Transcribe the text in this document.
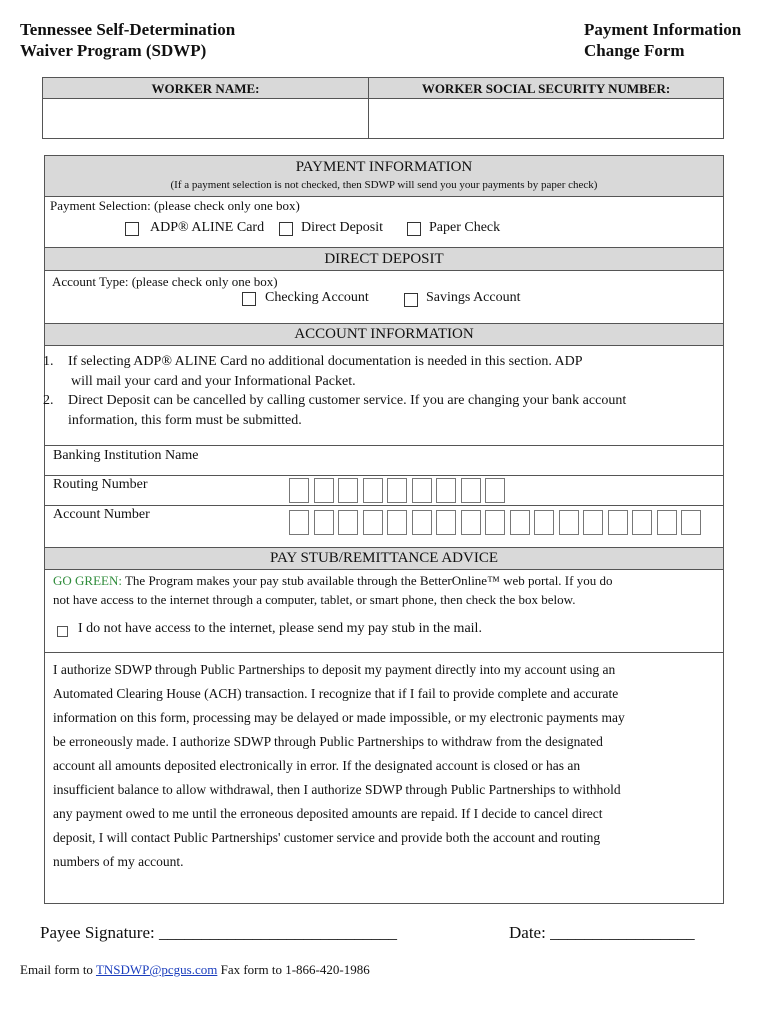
Tennessee Self-Determination
Waiver Program (SDWP)
Payment Information
Change Form
WORKER NAME:	WORKER SOCIAL SECURITY NUMBER:
PAYMENT INFORMATION
(If a payment selection is not checked, then SDWP will send you your payments by paper check)
Payment Selection: (please check only one box)
ADP® ALINE Card	Direct Deposit	Paper Check
DIRECT DEPOSIT
Account Type: (please check only one box)
Checking Account	Savings Account
ACCOUNT INFORMATION
1. If selecting ADP® ALINE Card no additional documentation is needed in this section. ADP
will mail your card and your Informational Packet.
2. Direct Deposit can be cancelled by calling customer service. If you are changing your bank account
information, this form must be submitted.
Banking Institution Name
Routing Number
Account Number
PAY STUB/REMITTANCE ADVICE
GO GREEN: The Program makes your pay stub available through the BetterOnline™ web portal. If you do
not have access to the internet through a computer, tablet, or smart phone, then check the box below.
I do not have access to the internet, please send my pay stub in the mail.
I authorize SDWP through Public Partnerships to deposit my payment directly into my account using an
Automated Clearing House (ACH) transaction. I recognize that if I fail to provide complete and accurate
information on this form, processing may be delayed or made impossible, or my electronic payments may
be erroneously made. I authorize SDWP through Public Partnerships to withdraw from the designated
account all amounts deposited electronically in error. If the designated account is closed or has an
insufficient balance to allow withdrawal, then I authorize SDWP through Public Partnerships to withhold
any payment owed to me until the erroneous deposited amounts are repaid. If I decide to cancel direct
deposit, I will contact Public Partnerships' customer service and provide both the account and routing
numbers of my account.
Payee Signature: ____________________________	Date: _________________
Email form to TNSDWP@pcgus.com Fax form to 1-866-420-1986
